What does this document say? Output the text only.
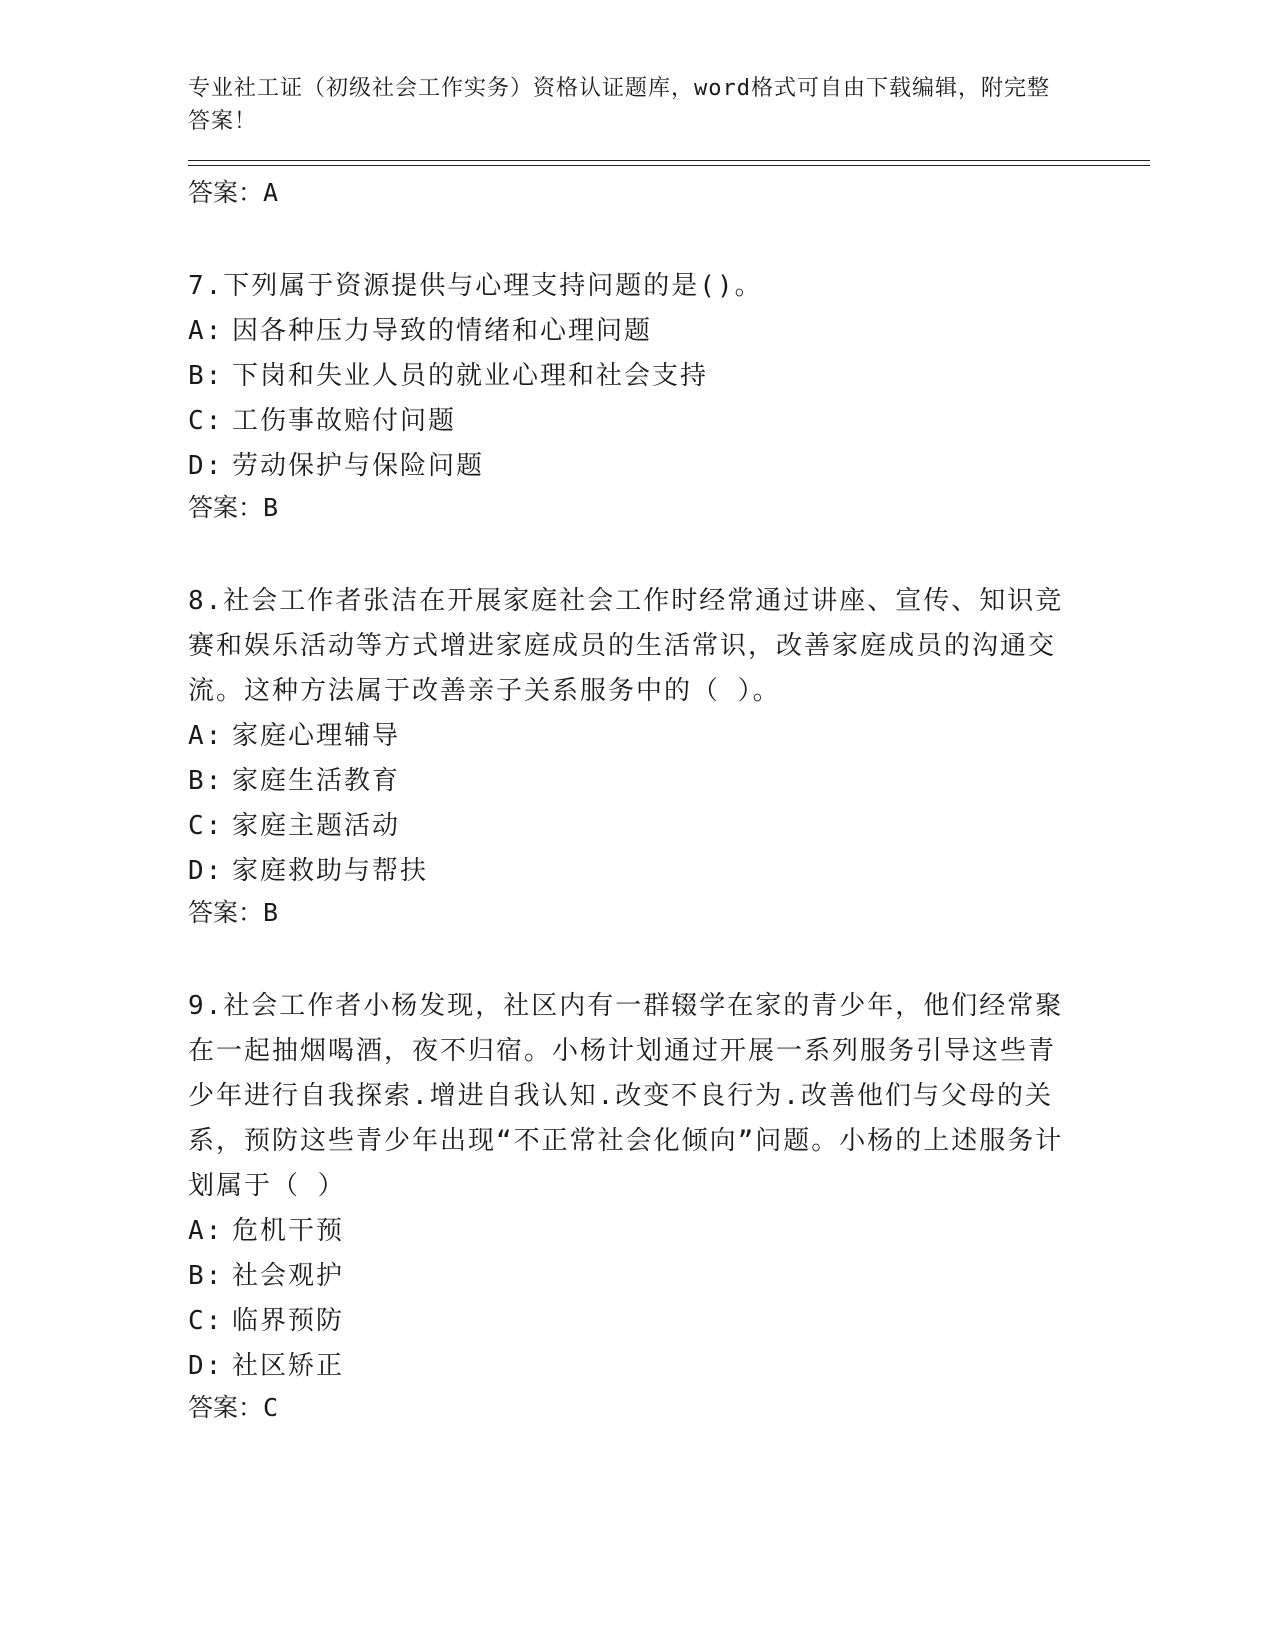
专业社工证（初级社会工作实务）资格认证题库，word格式可自由下载编辑，附完整答案！

答案：A

7.下列属于资源提供与心理支持问题的是()。

A: 因各种压力导致的情绪和心理问题

B: 下岗和失业人员的就业心理和社会支持

C: 工伤事故赔付问题

D: 劳动保护与保险问题

答案：B

8.社会工作者张洁在开展家庭社会工作时经常通过讲座、宣传、知识竞赛和娱乐活动等方式增进家庭成员的生活常识，改善家庭成员的沟通交流。这种方法属于改善亲子关系服务中的（ ）。

A: 家庭心理辅导

B: 家庭生活教育

C: 家庭主题活动

D: 家庭救助与帮扶

答案：B

9.社会工作者小杨发现，社区内有一群辍学在家的青少年，他们经常聚在一起抽烟喝酒，夜不归宿。小杨计划通过开展一系列服务引导这些青少年进行自我探索.增进自我认知.改变不良行为.改善他们与父母的关系，预防这些青少年出现“不正常社会化倾向”问题。小杨的上述服务计划属于（ ）

A: 危机干预

B: 社会观护

C: 临界预防

D: 社区矫正

答案：C
